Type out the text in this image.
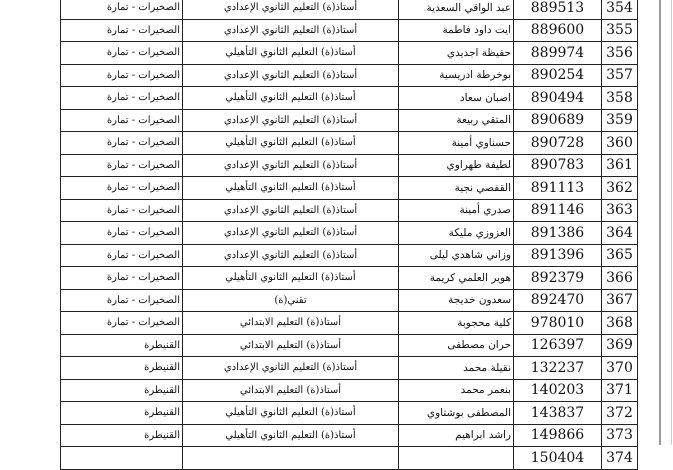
الصخيرات - تمارة	أستاذ(ة) التعليم الثانوي الإعدادي	عبد الواقي السعدية	889513	354
الصخيرات - تمارة	أستاذ(ة) التعليم الثانوي الإعدادي	ايت داود فاطمة	889600	355
الصخيرات - تمارة	أستاذ(ة) التعليم الثانوي التأهيلي	حفيظة اجديدي	889974	356
الصخيرات - تمارة	أستاذ(ة) التعليم الثانوي الإعدادي	بوخرطة ادريسية	890254	357
الصخيرات - تمارة	أستاذ(ة) التعليم الثانوي التأهيلي	اصبان سعاد	890494	358
الصخيرات - تمارة	أستاذ(ة) التعليم الثانوي الإعدادي	المتقي ربيعة	890689	359
الصخيرات - تمارة	أستاذ(ة) التعليم الثانوي التأهيلي	حسناوي أمينة	890728	360
الصخيرات - تمارة	أستاذ(ة) التعليم الثانوي الإعدادي	لطيفة طهراوي	890783	361
الصخيرات - تمارة	أستاذ(ة) التعليم الثانوي التأهيلي	القفصي نجية	891113	362
الصخيرات - تمارة	أستاذ(ة) التعليم الثانوي الإعدادي	صدري أمينة	891146	363
الصخيرات - تمارة	أستاذ(ة) التعليم الثانوي الإعدادي	العزوزي مليكة	891386	364
الصخيرات - تمارة	أستاذ(ة) التعليم الثانوي الإعدادي	وزاني شاهدي ليلى	891396	365
الصخيرات - تمارة	أستاذ(ة) التعليم الثانوي التأهيلي	هوير العلمي كريمة	892379	366
الصخيرات - تمارة	تقني(ة)	سعدون خديجة	892470	367
الصخيرات - تمارة	أستاذ(ة) التعليم الابتدائي	كلية محجوبة	978010	368
القنيطرة	أستاذ(ة) التعليم الابتدائي	حران مصطفى	126397	369
القنيطرة	أستاذ(ة) التعليم الثانوي الإعدادي	نقيلة محمد	132237	370
القنيطرة	أستاذ(ة) التعليم الابتدائي	بنعمر محمد	140203	371
القنيطرة	أستاذ(ة) التعليم الثانوي التأهيلي	المصطفى بوشتاوي	143837	372
القنيطرة	أستاذ(ة) التعليم الثانوي التأهيلي	راشد ابراهيم	149866	373
			150404	374
